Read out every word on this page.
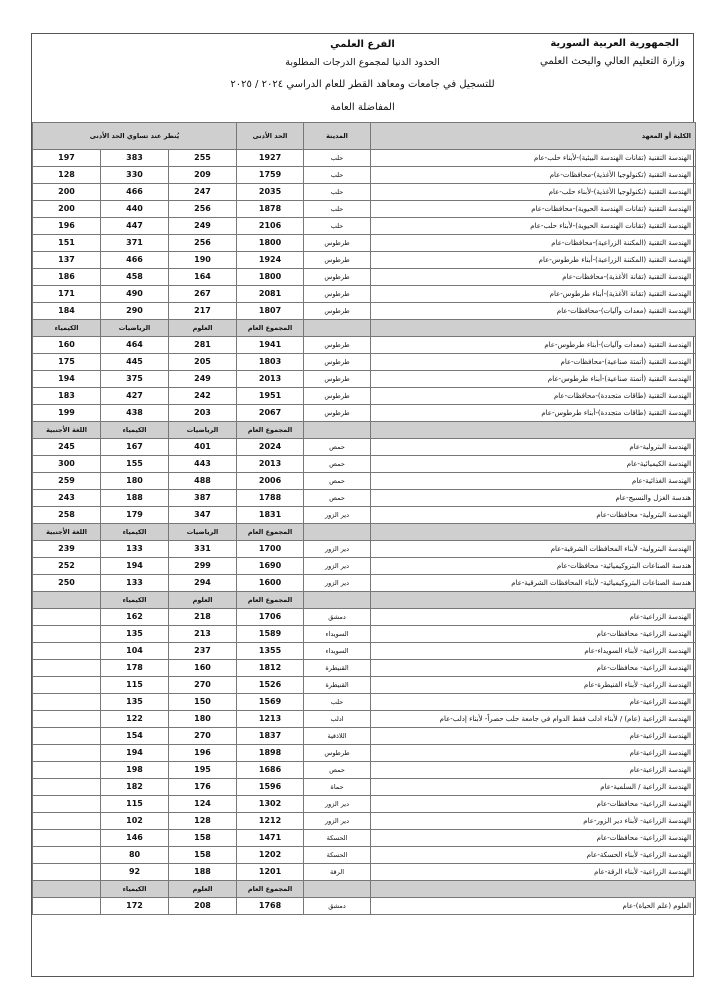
الجمهورية العربية السورية
وزارة التعليم العالي والبحث العلمي
الفرع العلمي
الحدود الدنيا لمجموع الدرجات المطلوبة
للتسجيل في جامعات ومعاهد القطر للعام الدراسي ٢٠٢٤ / ٢٠٢٥
المفاضلة العامة
الكلية أو المعهد	المدينة	الحد الأدنى	يُنظر عند تساوي الحد الأدنى		
الهندسة التقنية (تقانات الهندسة البيئية)-لأبناء حلب-عام	حلب	1927	255	383	197
الهندسة التقنية (تكنولوجيا الأغذية)-محافظات-عام	حلب	1759	209	330	128
الهندسة التقنية (تكنولوجيا الأغذية)-لأبناء حلب-عام	حلب	2035	247	466	200
الهندسة التقنية (تقانات الهندسة الحيوية)-محافظات-عام	حلب	1878	256	440	200
الهندسة التقنية (تقانات الهندسة الحيوية)-لأبناء حلب-عام	حلب	2106	249	447	196
الهندسة التقنية (المكننة الزراعية)-محافظات-عام	طرطوس	1800	256	371	151
الهندسة التقنية (المكننة الزراعية)-أبناء طرطوس-عام	طرطوس	1924	190	466	137
الهندسة التقنية (تقانة الأغذية)-محافظات-عام	طرطوس	1800	164	458	186
الهندسة التقنية (تقانة الأغذية)-أبناء طرطوس-عام	طرطوس	2081	267	490	171
الهندسة التقنية (معدات وآليات)-محافظات-عام	طرطوس	1807	217	290	184
		المجموع العام	العلوم	الرياضيات	الكيمياء
الهندسة التقنية (معدات وآليات)-أبناء طرطوس-عام	طرطوس	1941	281	464	160
الهندسة التقنية (أتمتة صناعية)-محافظات-عام	طرطوس	1803	205	445	175
الهندسة التقنية (أتمتة صناعية)-أبناء طرطوس-عام	طرطوس	2013	249	375	194
الهندسة التقنية (طاقات متجددة)-محافظات-عام	طرطوس	1951	242	427	183
الهندسة التقنية (طاقات متجددة)-أبناء طرطوس-عام	طرطوس	2067	203	438	199
		المجموع العام	الرياضيات	الكيمياء	اللغة الأجنبية
الهندسة البترولية-عام	حمص	2024	401	167	245
الهندسة الكيميائية-عام	حمص	2013	443	155	300
الهندسة الغذائية-عام	حمص	2006	488	180	259
هندسة الغزل والنسيج-عام	حمص	1788	387	188	243
الهندسة البترولية- محافظات-عام	دير الزور	1831	347	179	258
		المجموع العام	الرياضيات	الكيمياء	اللغة الأجنبية
الهندسة البترولية- لأبناء المحافظات الشرقية-عام	دير الزور	1700	331	133	239
هندسة الصناعات البتروكيميائية- محافظات-عام	دير الزور	1690	299	194	252
هندسة الصناعات البتروكيميائية- لأبناء المحافظات الشرقية-عام	دير الزور	1600	294	133	250
		المجموع العام	العلوم	الكيمياء	
الهندسة الزراعية-عام	دمشق	1706	218	162	
الهندسة الزراعية- محافظات-عام	السويداء	1589	213	135	
الهندسة الزراعية- لأبناء السويداء-عام	السويداء	1355	237	104	
الهندسة الزراعية- محافظات-عام	القنيطرة	1812	160	178	
الهندسة الزراعية- لأبناء القنيطرة-عام	القنيطرة	1526	270	115	
الهندسة الزراعية-عام	حلب	1569	150	135	
الهندسة الزراعية (عام) / لأبناء ادلب فقط الدوام في جامعة حلب حصراً- لأبناء إدلب-عام	ادلب	1213	180	122	
الهندسة الزراعية-عام	اللاذقية	1837	270	154	
الهندسة الزراعية-عام	طرطوس	1898	196	194	
الهندسة الزراعية-عام	حمص	1686	195	198	
الهندسة الزراعية / السلمية-عام	حماة	1596	176	182	
الهندسة الزراعية- محافظات-عام	دير الزور	1302	124	115	
الهندسة الزراعية- لأبناء دير الزور-عام	دير الزور	1212	128	102	
الهندسة الزراعية- محافظات-عام	الحسكة	1471	158	146	
الهندسة الزراعية- لأبناء الحسكة-عام	الحسكة	1202	158	80	
الهندسة الزراعية- لأبناء الرقة-عام	الرقة	1201	188	92	
		المجموع العام	العلوم	الكيمياء	
العلوم (علم الحياة)-عام	دمشق	1768	208	172	
